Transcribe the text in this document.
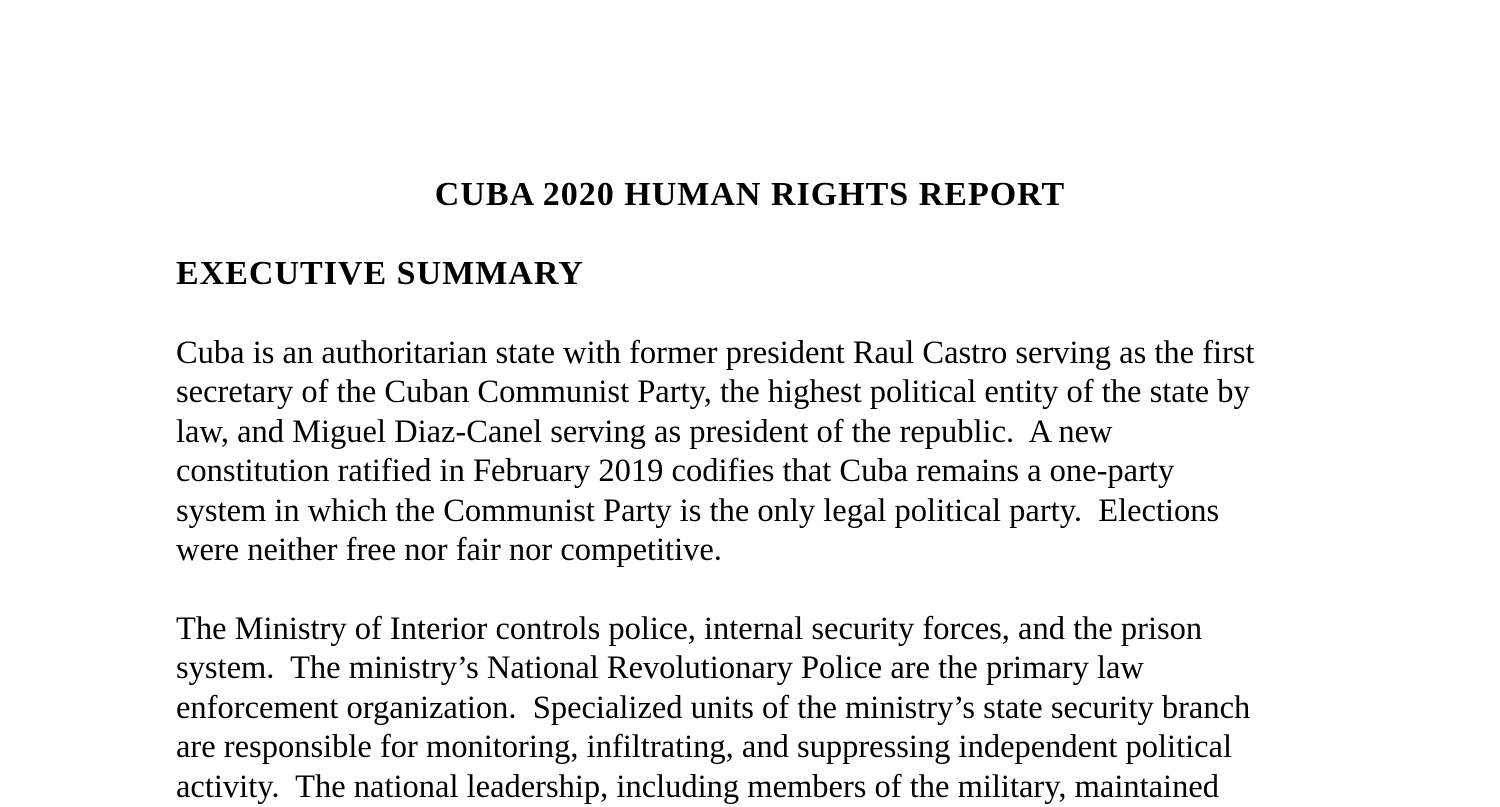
CUBA 2020 HUMAN RIGHTS REPORT
EXECUTIVE SUMMARY

Cuba is an authoritarian state with former president Raul Castro serving as the first
secretary of the Cuban Communist Party, the highest political entity of the state by
law, and Miguel Diaz-Canel serving as president of the republic.  A new
constitution ratified in February 2019 codifies that Cuba remains a one-party
system in which the Communist Party is the only legal political party.  Elections
were neither free nor fair nor competitive.

The Ministry of Interior controls police, internal security forces, and the prison
system.  The ministry’s National Revolutionary Police are the primary law
enforcement organization.  Specialized units of the ministry’s state security branch
are responsible for monitoring, infiltrating, and suppressing independent political
activity.  The national leadership, including members of the military, maintained
